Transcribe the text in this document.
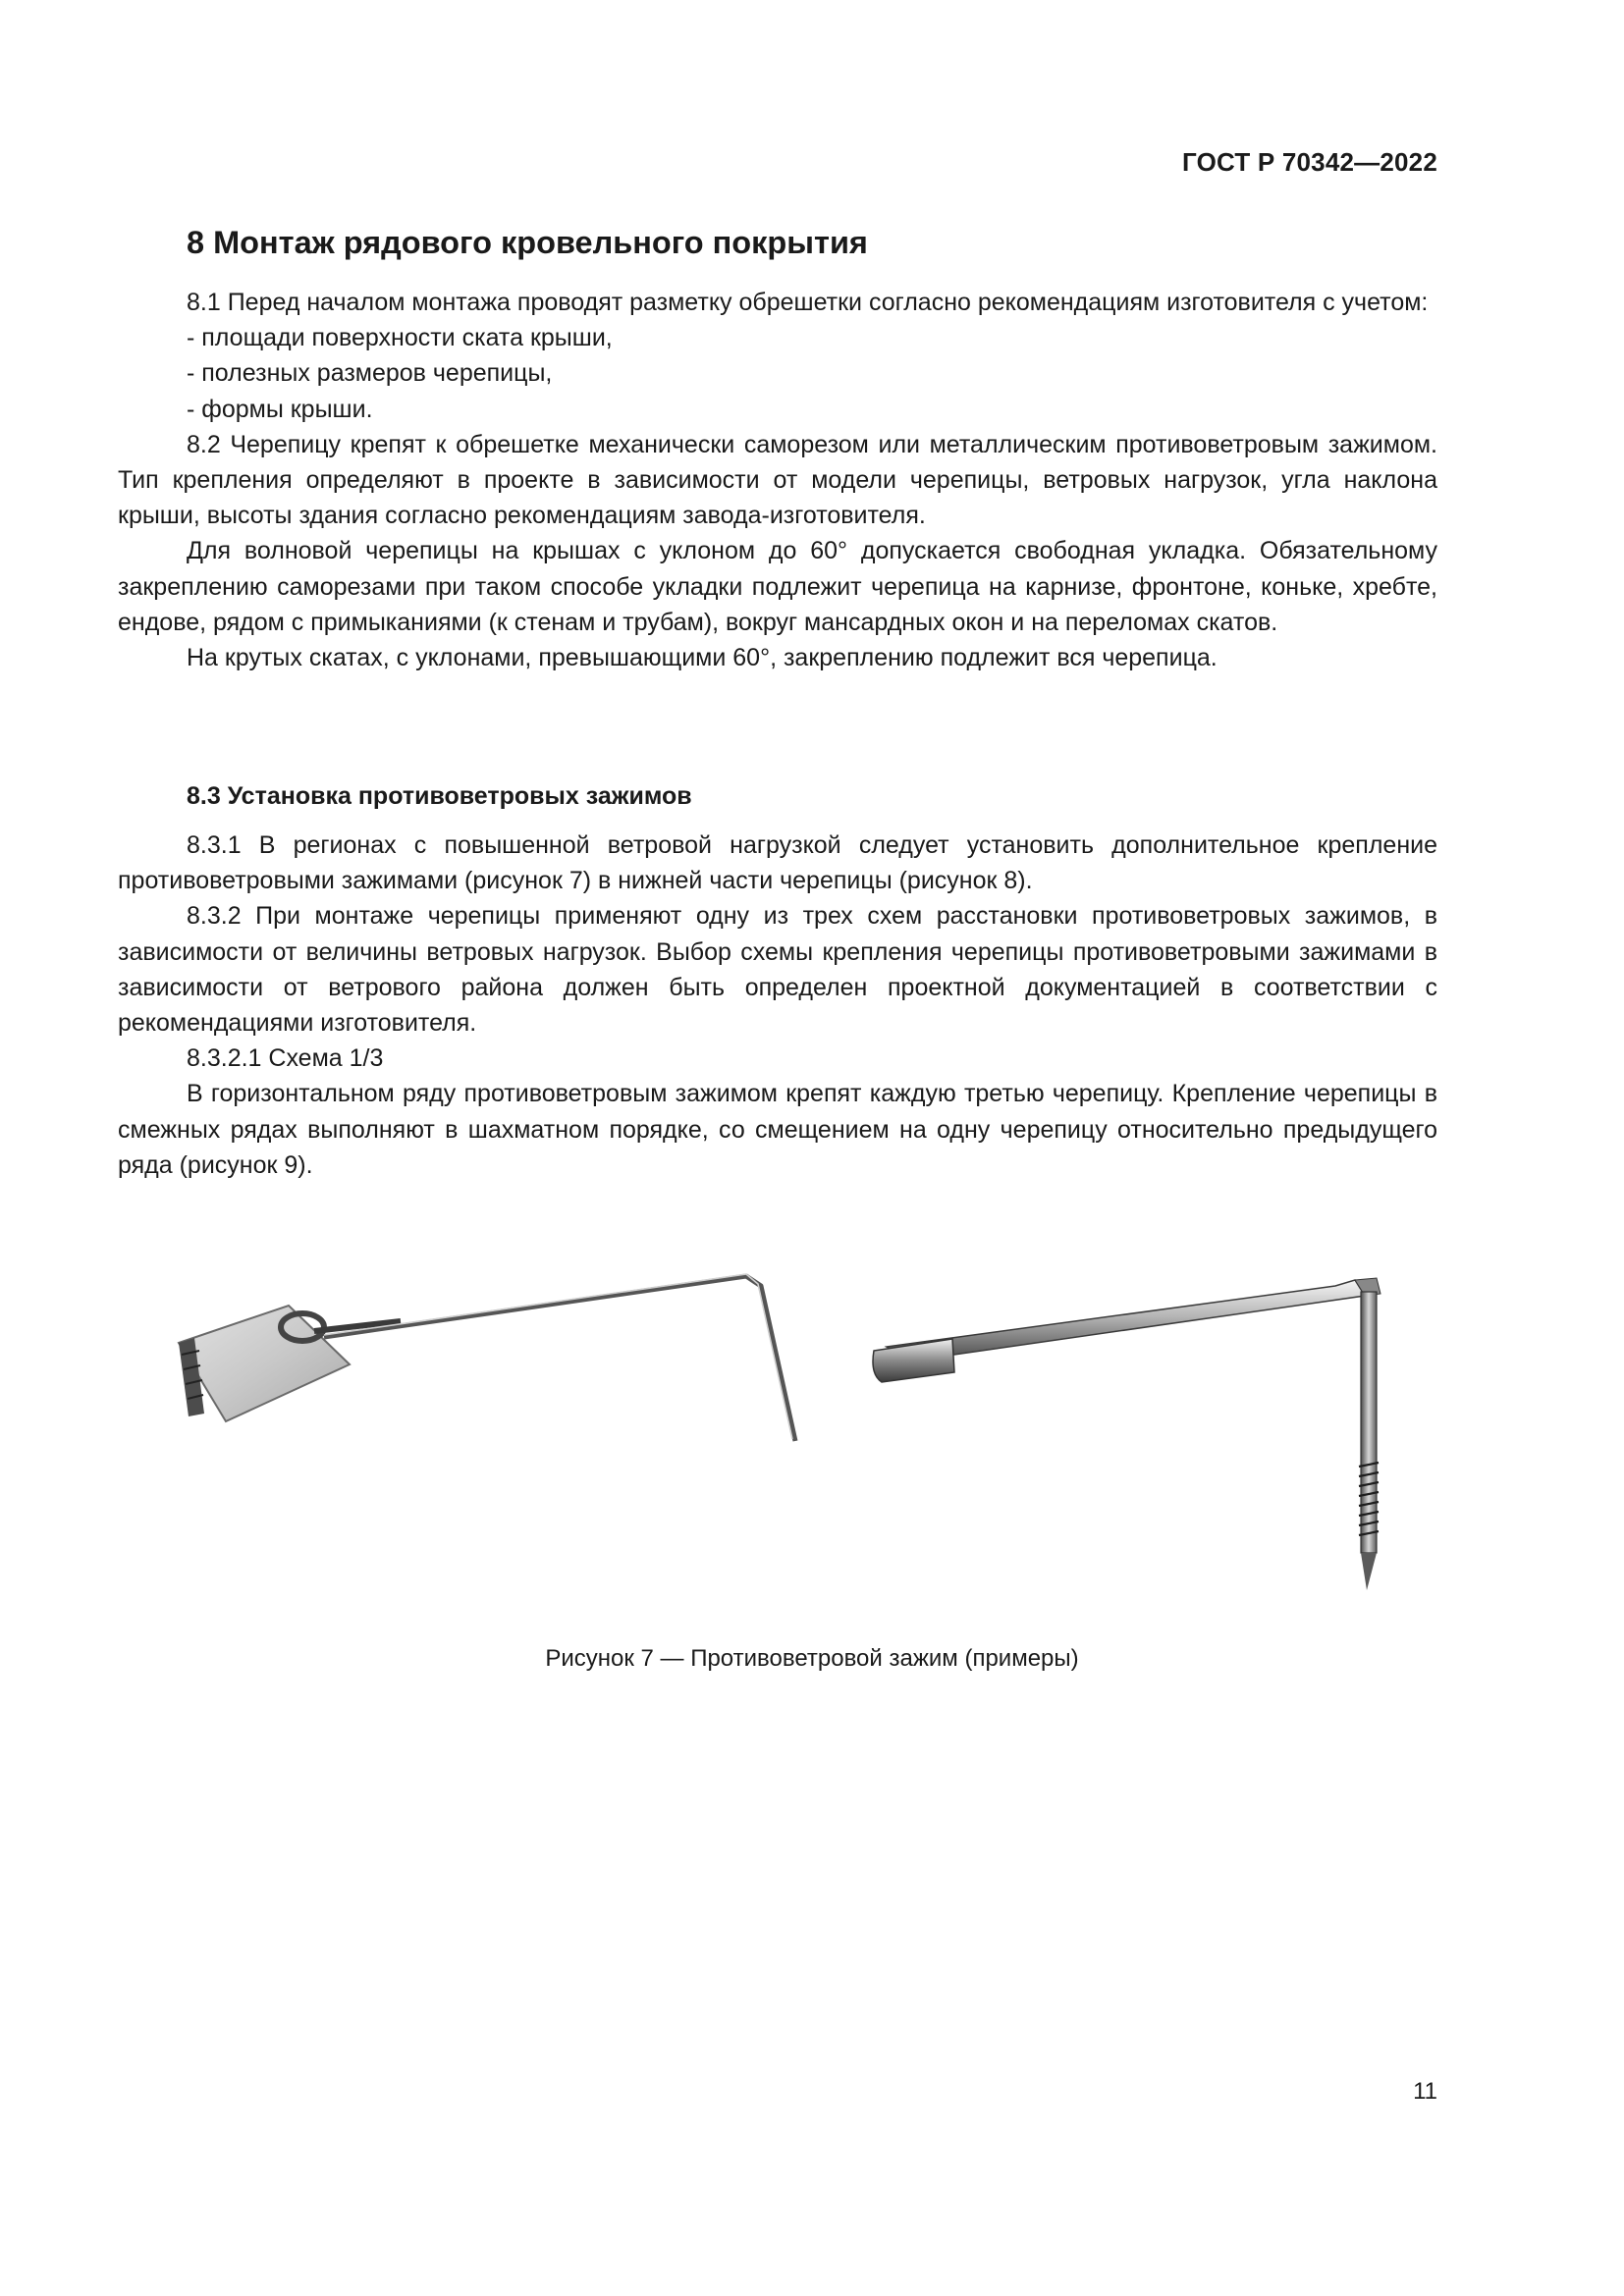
ГОСТ Р 70342—2022
8 Монтаж рядового кровельного покрытия

8.1 Перед началом монтажа проводят разметку обрешетки согласно рекомендациям изготовителя с учетом:

- площади поверхности ската крыши,

- полезных размеров черепицы,

- формы крыши.

8.2 Черепицу крепят к обрешетке механически саморезом или металлическим противоветровым зажимом. Тип крепления определяют в проекте в зависимости от модели черепицы, ветровых нагрузок, угла наклона крыши, высоты здания согласно рекомендациям завода-изготовителя.

Для волновой черепицы на крышах с уклоном до 60° допускается свободная укладка. Обязательному закреплению саморезами при таком способе укладки подлежит черепица на карнизе, фронтоне, коньке, хребте, ендове, рядом с примыканиями (к стенам и трубам), вокруг мансардных окон и на переломах скатов.

На крутых скатах, с уклонами, превышающими 60°, закреплению подлежит вся черепица.

8.3 Установка противоветровых зажимов

8.3.1 В регионах с повышенной ветровой нагрузкой следует установить дополнительное крепление противоветровыми зажимами (рисунок 7) в нижней части черепицы (рисунок 8).

8.3.2 При монтаже черепицы применяют одну из трех схем расстановки противоветровых зажимов, в зависимости от величины ветровых нагрузок. Выбор схемы крепления черепицы противоветровыми зажимами в зависимости от ветрового района должен быть определен проектной документацией в соответствии с рекомендациями изготовителя.

8.3.2.1 Схема 1/3

В горизонтальном ряду противоветровым зажимом крепят каждую третью черепицу. Крепление черепицы в смежных рядах выполняют в шахматном порядке, со смещением на одну черепицу относительно предыдущего ряда (рисунок 9).

Рисунок 7 — Противоветровой зажим (примеры)
11
